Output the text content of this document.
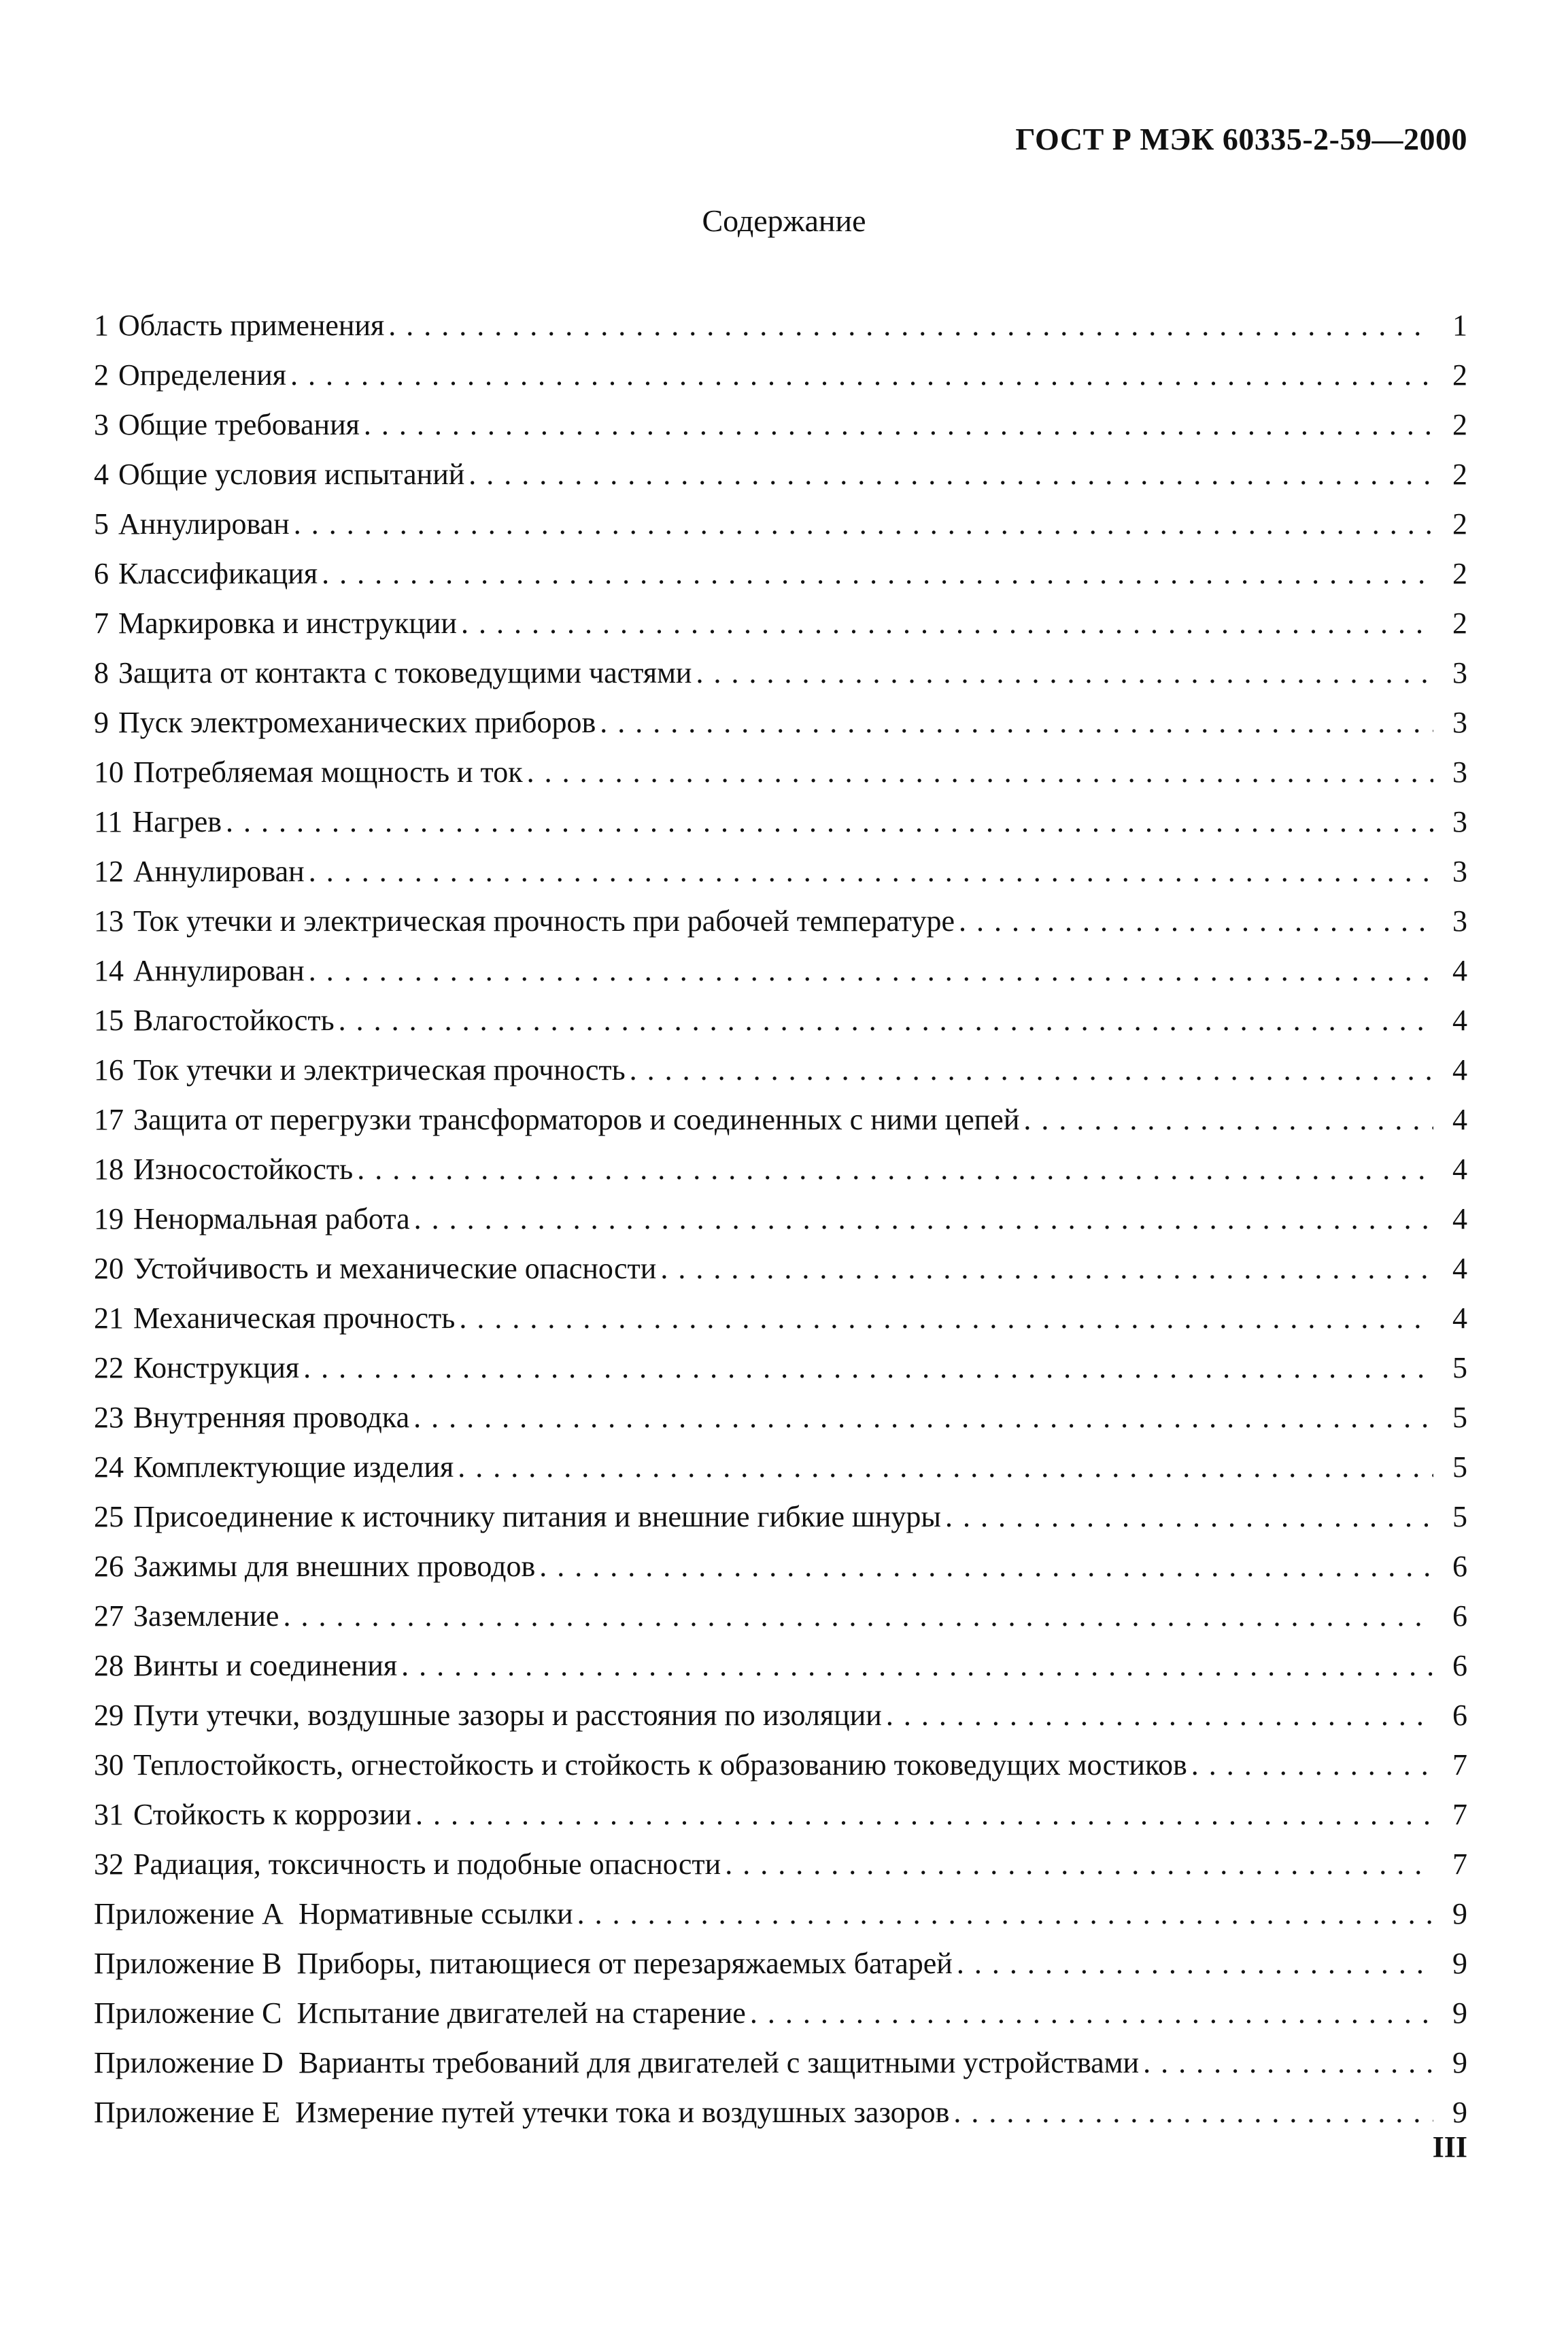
ГОСТ Р МЭК 60335-2-59—2000
Содержание
1 Область применения . . .	1
2 Определения . . .	2
3 Общие требования . . .	2
4 Общие условия испытаний . . .	2
5 Аннулирован . . .	2
6 Классификация . . .	2
7 Маркировка и инструкции . . .	2
8 Защита от контакта с токоведущими частями . . .	3
9 Пуск электромеханических приборов . . .	3
10 Потребляемая мощность и ток . . .	3
11 Нагрев . . .	3
12 Аннулирован . . .	3
13 Ток утечки и электрическая прочность при рабочей температуре . . .	3
14 Аннулирован . . .	4
15 Влагостойкость . . .	4
16 Ток утечки и электрическая прочность . . .	4
17 Защита от перегрузки трансформаторов и соединенных с ними цепей . . .	4
18 Износостойкость . . .	4
19 Ненормальная работа . . .	4
20 Устойчивость и механические опасности . . .	4
21 Механическая прочность . . .	4
22 Конструкция . . .	5
23 Внутренняя проводка . . .	5
24 Комплектующие изделия . . .	5
25 Присоединение к источнику питания и внешние гибкие шнуры . . .	5
26 Зажимы для внешних проводов . . .	6
27 Заземление . . .	6
28 Винты и соединения . . .	6
29 Пути утечки, воздушные зазоры и расстояния по изоляции . . .	6
30 Теплостойкость, огнестойкость и стойкость к образованию токоведущих мостиков . . .	7
31 Стойкость к коррозии . . .	7
32 Радиация, токсичность и подобные опасности . . .	7
Приложение А Нормативные ссылки . . .	9
Приложение В Приборы, питающиеся от перезаряжаемых батарей . . .	9
Приложение С Испытание двигателей на старение . . .	9
Приложение D Варианты требований для двигателей с защитными устройствами . . .	9
Приложение Е Измерение путей утечки тока и воздушных зазоров . . .	9
III
